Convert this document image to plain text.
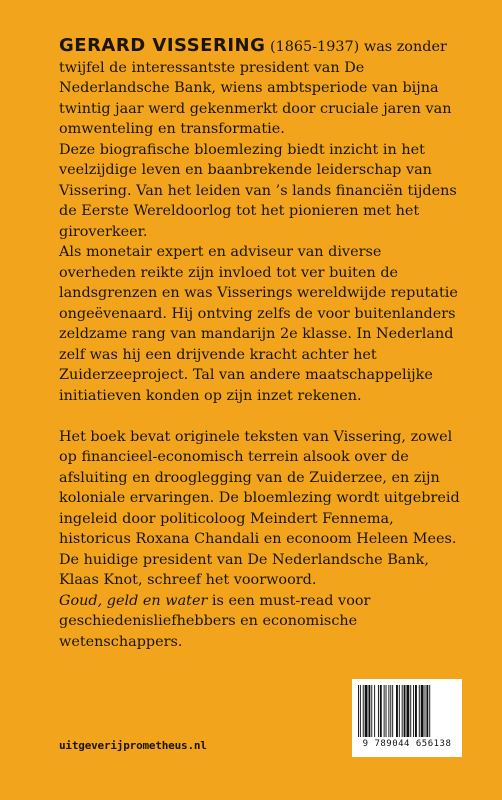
GERARD VISSERING (1865-1937) was zonder twijfel de interessantste president van De Nederlandsche Bank, wiens ambtsperiode van bijna twintig jaar werd gekenmerkt door cruciale jaren van omwenteling en transformatie.

Deze biografische bloemlezing biedt inzicht in het veelzijdige leven en baanbrekende leiderschap van Vissering. Van het leiden van ’s lands financiën tijdens de Eerste Wereldoorlog tot het pionieren met het giroverkeer.

Als monetair expert en adviseur van diverse overheden reikte zijn invloed tot ver buiten de landsgrenzen en was Visserings wereldwijde reputatie ongeëvenaard. Hij ontving zelfs de voor buitenlanders zeldzame rang van mandarijn 2e klasse. In Nederland zelf was hij een drijvende kracht achter het Zuiderzeeproject. Tal van andere maatschappelijke initiatieven konden op zijn inzet rekenen.

Het boek bevat originele teksten van Vissering, zowel op financieel-economisch terrein alsook over de afsluiting en drooglegging van de Zuiderzee, en zijn koloniale ervaringen. De bloemlezing wordt uitgebreid ingeleid door politicoloog Meindert Fennema, historicus Roxana Chandali en econoom Heleen Mees. De huidige president van De Nederlandsche Bank, Klaas Knot, schreef het voorwoord.

Goud, geld en water is een must-read voor geschiedenisliefhebbers en economische wetenschappers.

uitgeverijprometheus.nl	9 789044 656138
